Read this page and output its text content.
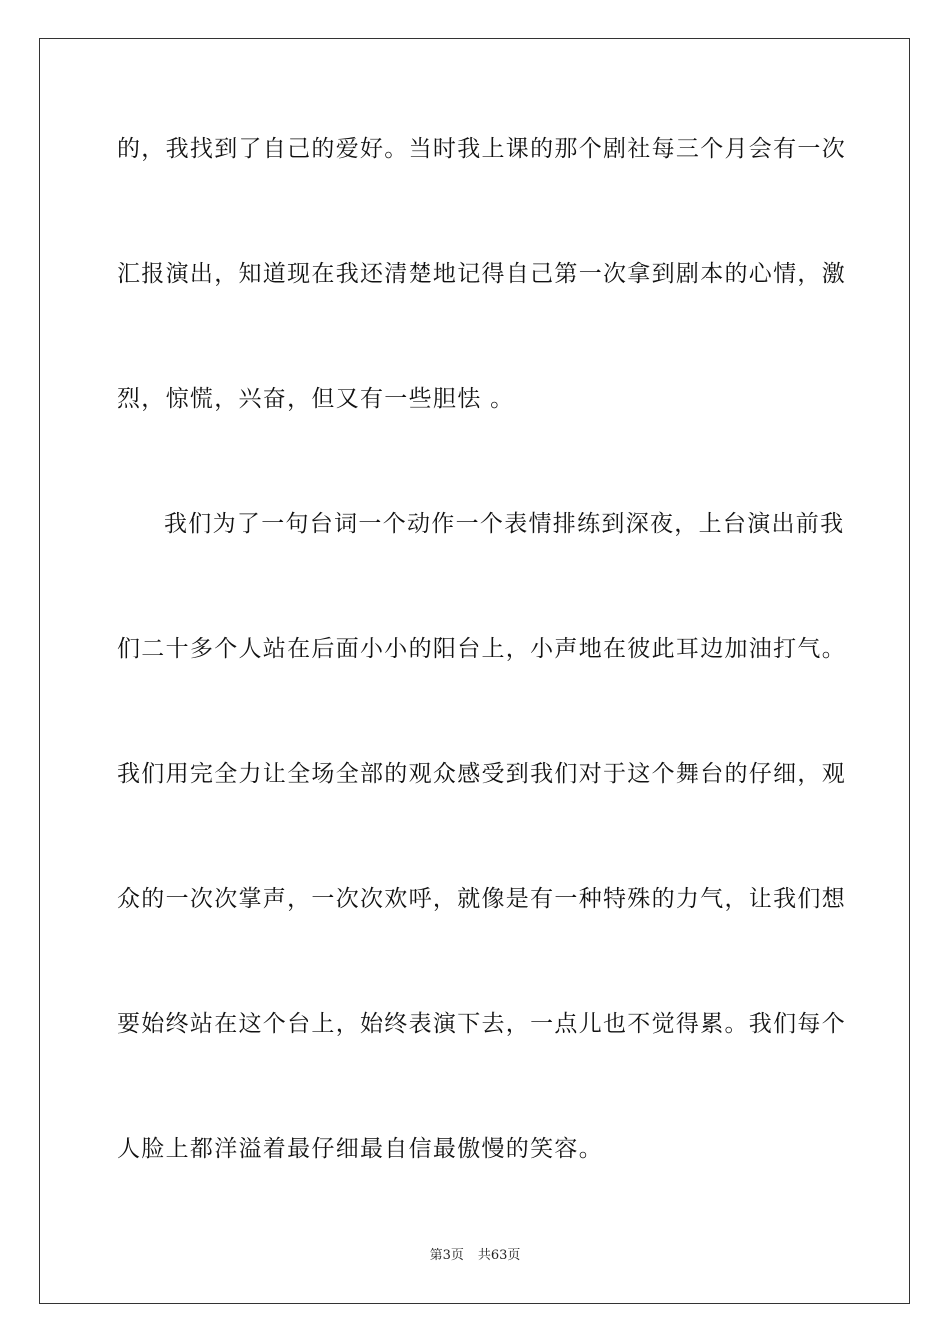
的，我找到了自己的爱好。当时我上课的那个剧社每三个月会有一次
汇报演出，知道现在我还清楚地记得自己第一次拿到剧本的心情，激
烈，惊慌，兴奋，但又有一些胆怯 。
我们为了一句台词一个动作一个表情排练到深夜，上台演出前我
们二十多个人站在后面小小的阳台上，小声地在彼此耳边加油打气。
我们用完全力让全场全部的观众感受到我们对于这个舞台的仔细，观
众的一次次掌声，一次次欢呼，就像是有一种特殊的力气，让我们想
要始终站在这个台上，始终表演下去，一点儿也不觉得累。我们每个
人脸上都洋溢着最仔细最自信最傲慢的笑容。
第3页 共63页
